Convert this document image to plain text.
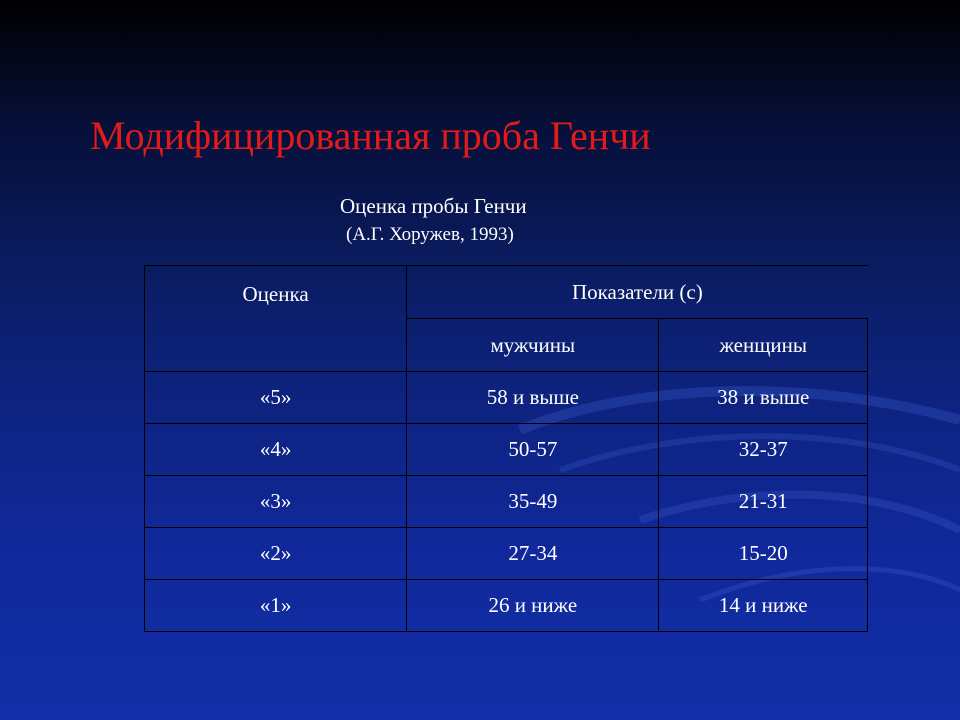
Модифицированная проба Генчи
Оценка пробы Генчи
(А.Г. Хоружев, 1993)
Оценка	Показатели (с)	
	мужчины	женщины
«5»	58 и выше	38 и выше
«4»	50-57	32-37
«3»	35-49	21-31
«2»	27-34	15-20
«1»	26 и ниже	14 и ниже
